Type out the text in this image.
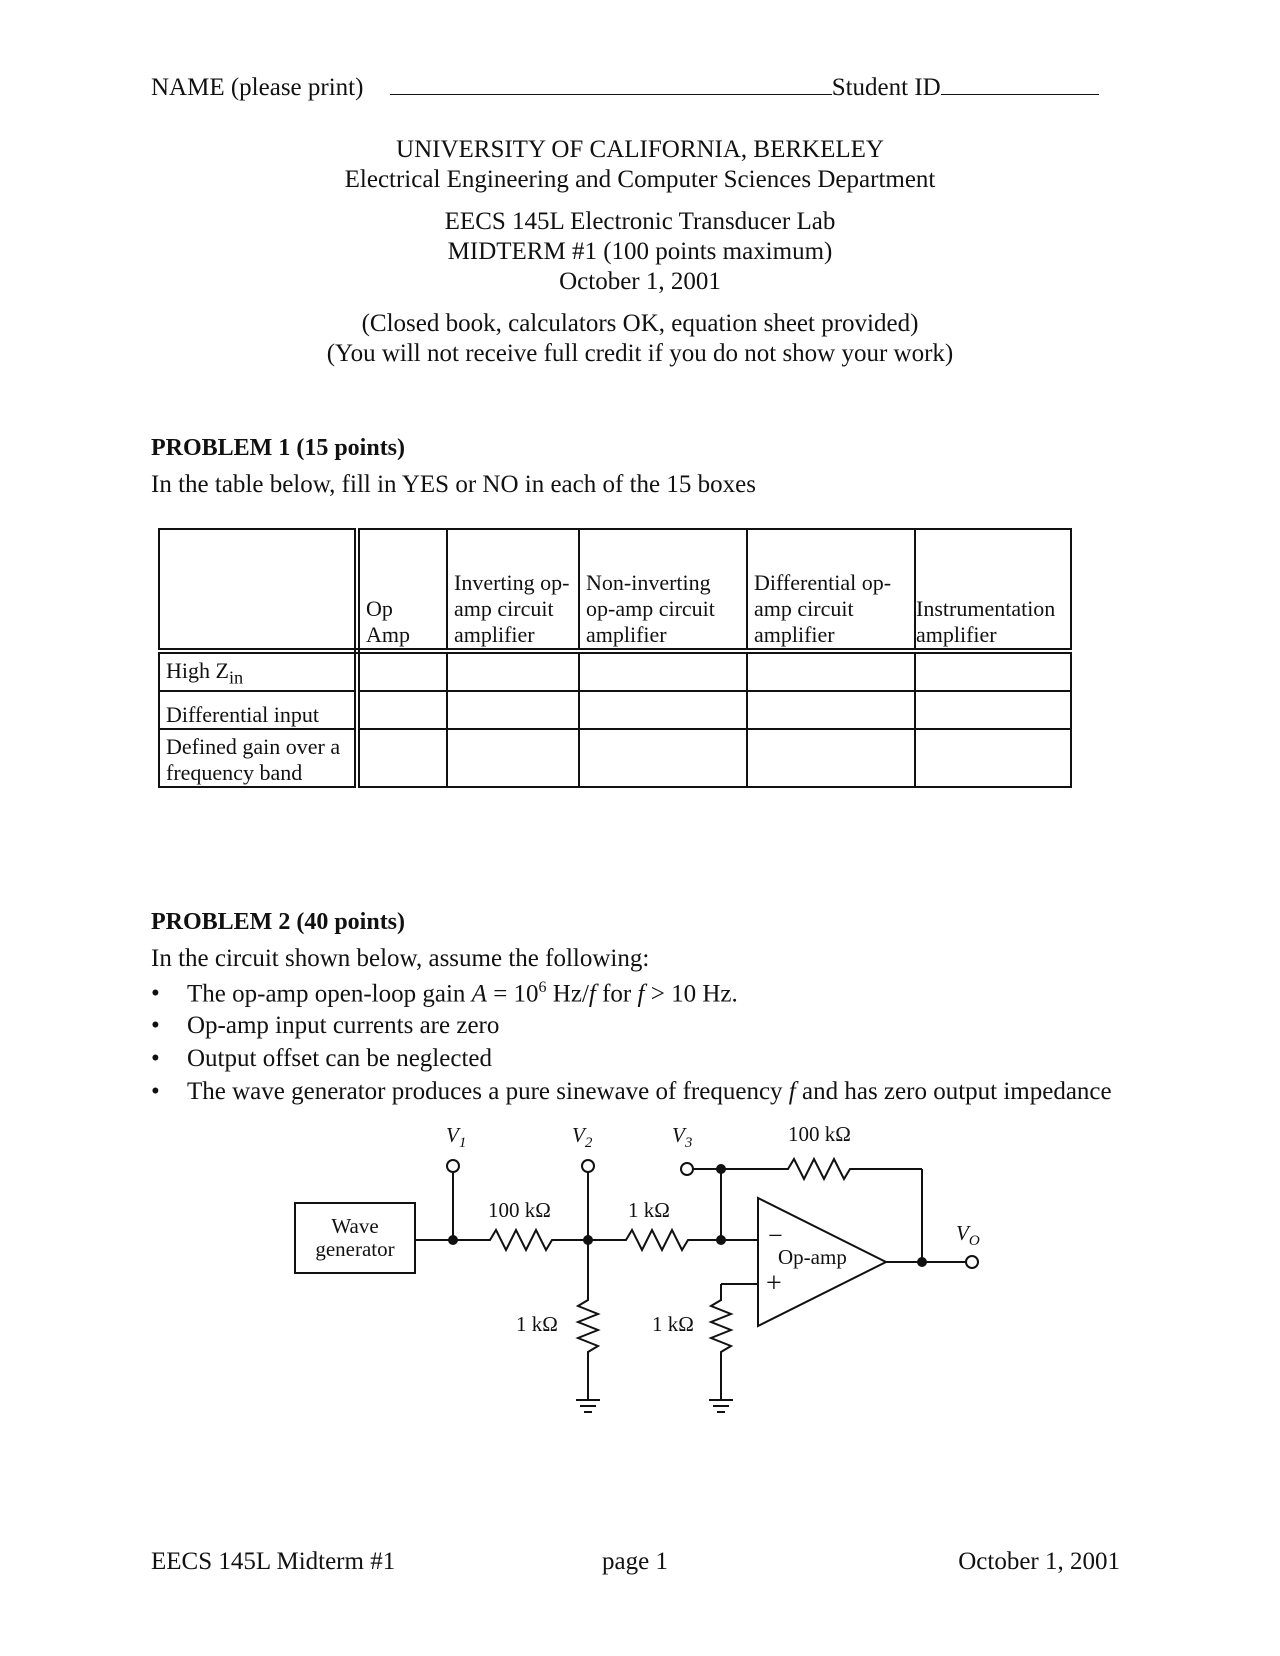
NAME (please print)	Student ID
UNIVERSITY OF CALIFORNIA, BERKELEY
Electrical Engineering and Computer Sciences Department
EECS 145L Electronic Transducer Lab
MIDTERM #1 (100 points maximum)
October 1, 2001
(Closed book, calculators OK, equation sheet provided)
(You will not receive full credit if you do not show your work)
PROBLEM 1 (15 points)
In the table below, fill in YES or NO in each of the 15 boxes
	Op Amp	Inverting op-amp circuit amplifier	Non-inverting op-amp circuit amplifier	Differential op-amp circuit amplifier	Instrumentation amplifier
High $Z_{in}$					
Differential input					
Defined gain over a frequency band					
PROBLEM 2 (40 points)
In the circuit shown below, assume the following:
• The op-amp open-loop gain $A = 10^6$ Hz/f for f > 10 Hz.
• Op-amp input currents are zero
• Output offset can be neglected
• The wave generator produces a pure sinewave of frequency f and has zero output impedance
$V_1$	$V_2$	$V_3$
$V_O$
100 kΩ
100 kΩ	1 kΩ
1 kΩ	1 kΩ
Wave
generator	Op-amp
−
+
EECS 145L Midterm #1	page 1	October 1, 2001
